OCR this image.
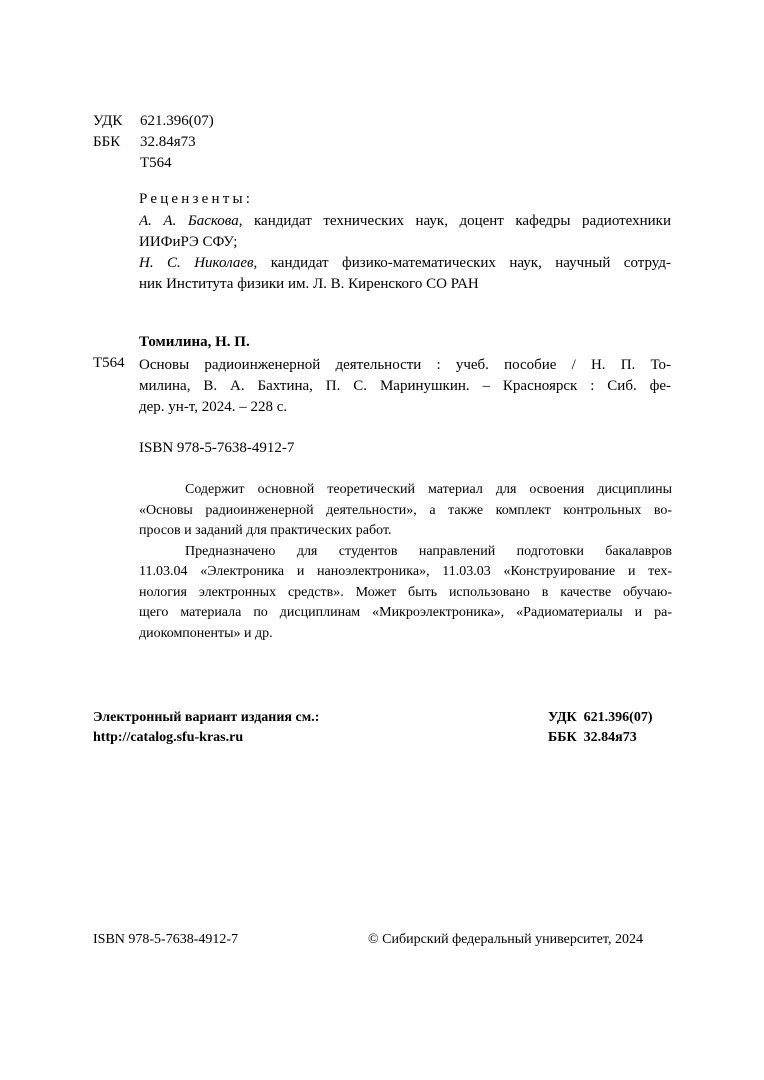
УДК 621.396(07)
ББК 32.84я73
Т564
Рецензенты:
А. А. Баскова, кандидат технических наук, доцент кафедры радиотехники
ИИФиРЭ СФУ;
Н. С. Николаев, кандидат физико-математических наук, научный сотруд-
ник Института физики им. Л. В. Киренского СО РАН
Томилина, Н. П.
Т564 Основы радиоинженерной деятельности : учеб. пособие / Н. П. То-
милина, В. А. Бахтина, П. С. Маринушкин. – Красноярск : Сиб. фе-
дер. ун-т, 2024. – 228 с.
ISBN 978-5-7638-4912-7
Содержит основной теоретический материал для освоения дисциплины
«Основы радиоинженерной деятельности», а также комплект контрольных во-
просов и заданий для практических работ.
Предназначено для студентов направлений подготовки бакалавров
11.03.04 «Электроника и наноэлектроника», 11.03.03 «Конструирование и тех-
нология электронных средств». Может быть использовано в качестве обучаю-
щего материала по дисциплинам «Микроэлектроника», «Радиоматериалы и ра-
диокомпоненты» и др.
Электронный вариант издания см.:
http://catalog.sfu-kras.ru
УДК 621.396(07)
ББК 32.84я73
ISBN 978-5-7638-4912-7	© Сибирский федеральный университет, 2024
